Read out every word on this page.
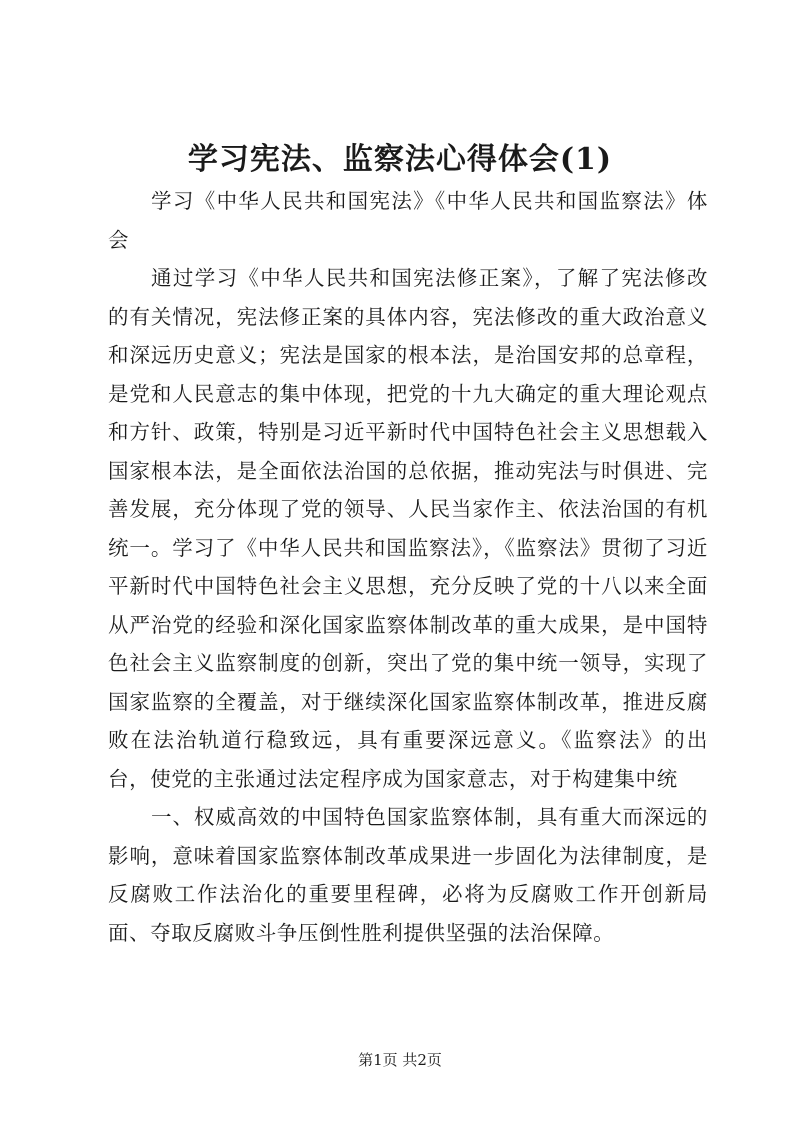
学习宪法、监察法心得体会(1)

学习《中华人民共和国宪法》《中华人民共和国监察法》体会

通过学习《中华人民共和国宪法修正案》，了解了宪法修改的有关情况，宪法修正案的具体内容，宪法修改的重大政治意义和深远历史意义；宪法是国家的根本法，是治国安邦的总章程，是党和人民意志的集中体现，把党的十九大确定的重大理论观点和方针、政策，特别是习近平新时代中国特色社会主义思想载入国家根本法，是全面依法治国的总依据，推动宪法与时俱进、完善发展，充分体现了党的领导、人民当家作主、依法治国的有机统一。学习了《中华人民共和国监察法》，《监察法》贯彻了习近平新时代中国特色社会主义思想，充分反映了党的十八以来全面从严治党的经验和深化国家监察体制改革的重大成果，是中国特色社会主义监察制度的创新，突出了党的集中统一领导，实现了国家监察的全覆盖，对于继续深化国家监察体制改革，推进反腐败在法治轨道行稳致远，具有重要深远意义。《监察法》的出台，使党的主张通过法定程序成为国家意志，对于构建集中统

一、权威高效的中国特色国家监察体制，具有重大而深远的影响，意味着国家监察体制改革成果进一步固化为法律制度，是反腐败工作法治化的重要里程碑，必将为反腐败工作开创新局面、夺取反腐败斗争压倒性胜利提供坚强的法治保障。

第1页 共2页
